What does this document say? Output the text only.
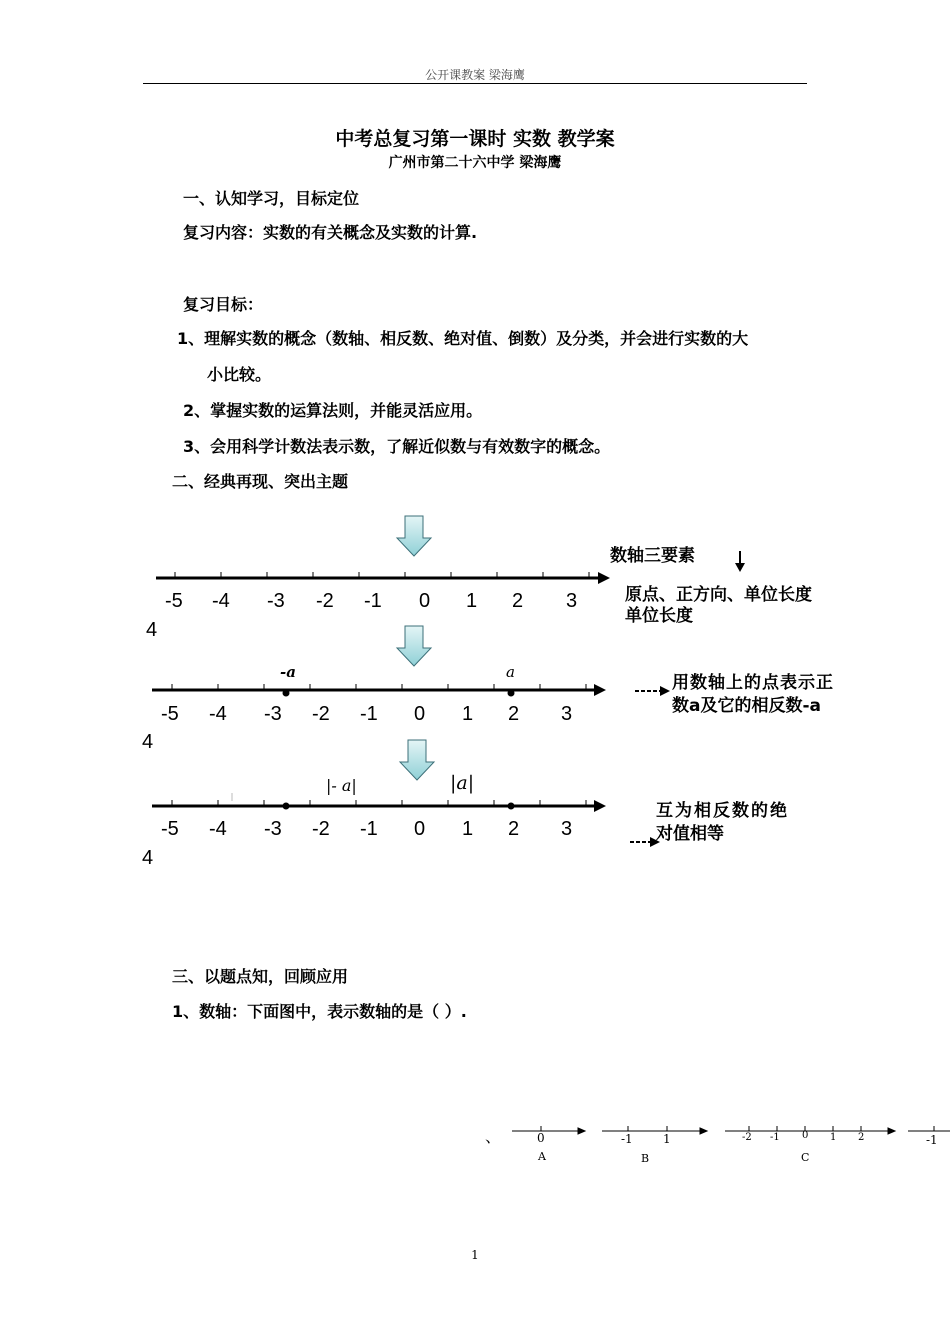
公开课教案 梁海鹰
中考总复习第一课时 实数 教学案
广州市第二十六中学 梁海鹰
一、认知学习，目标定位
复习内容：实数的有关概念及实数的计算.
复习目标：
1、理解实数的概念（数轴、相反数、绝对值、倒数）及分类，并会进行实数的大
小比较。
2、掌握实数的运算法则，并能灵活应用。
3、会用科学计数法表示数，了解近似数与有效数字的概念。
二、经典再现、突出主题
-5 -4 -3 -2 -1 0 1 2 3
4
数轴三要素
原点、正方向、单位长度
单位长度
-a	a
-5 -4 -3 -2 -1 0 1 2 3
4
用数轴上的点表示正
数a及它的相反数-a
|- a|	|a|
-5 -4 -3 -2 -1 0 1 2 3
4
互为相反数的绝
对值相等
三、以题点知，回顾应用
1、数轴：下面图中，表示数轴的是（ ）.
、	0
A
-1	1
B
-2 -1 0 1 2
C
-1
1
